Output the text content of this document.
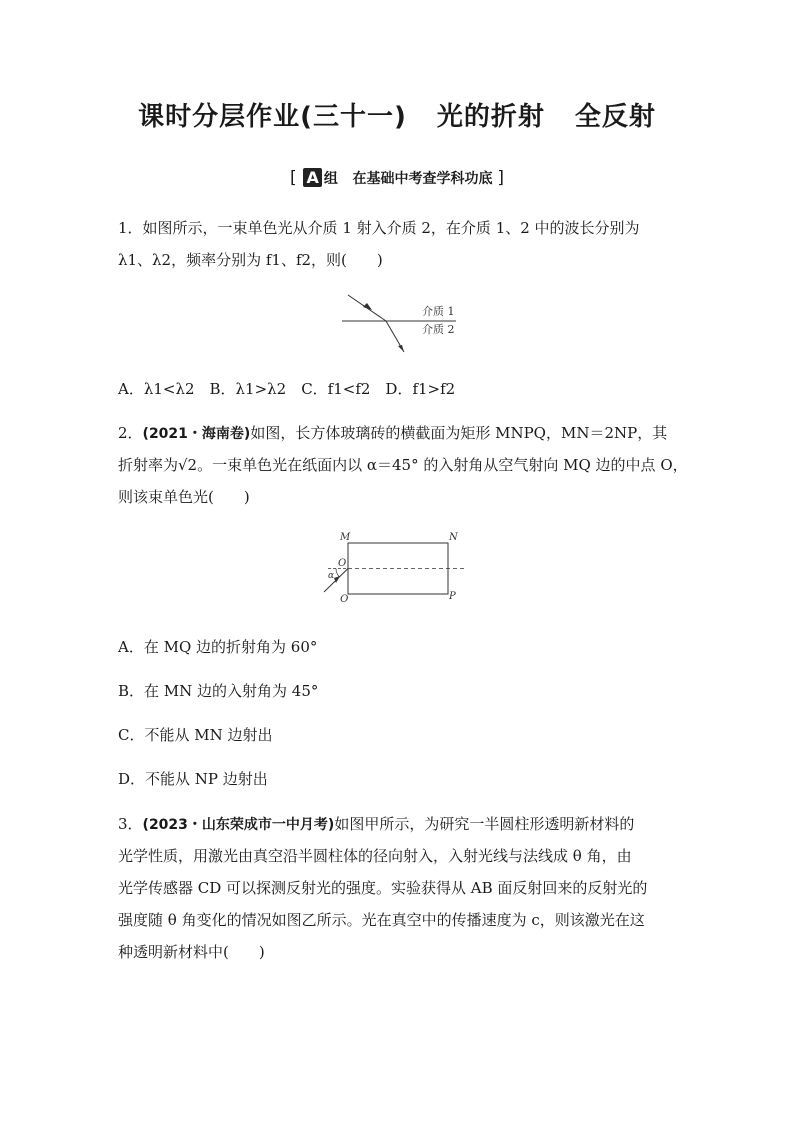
课时分层作业(三十一) 光的折射 全反射
[ A 组 在基础中考查学科功底 ]
1．如图所示，一束单色光从介质 1 射入介质 2，在介质 1、2 中的波长分别为
λ1、λ2，频率分别为 f1、f2，则(　　)
介质 1
介质 2
A．λ1<λ2　B．λ1>λ2　C．f1<f2　D．f1>f2
2．(2021・海南卷)如图，长方体玻璃砖的横截面为矩形 MNPQ，MN＝2NP，其
折射率为√2。一束单色光在纸面内以 α＝45° 的入射角从空气射向 MQ 边的中点 O，
则该束单色光(　　)
M	N
O
Q	P
α
A．在 MQ 边的折射角为 60°
B．在 MN 边的入射角为 45°
C．不能从 MN 边射出
D．不能从 NP 边射出
3．(2023・山东荣成市一中月考)如图甲所示，为研究一半圆柱形透明新材料的
光学性质，用激光由真空沿半圆柱体的径向射入，入射光线与法线成 θ 角，由
光学传感器 CD 可以探测反射光的强度。实验获得从 AB 面反射回来的反射光的
强度随 θ 角变化的情况如图乙所示。光在真空中的传播速度为 c，则该激光在这
种透明新材料中(　　)
